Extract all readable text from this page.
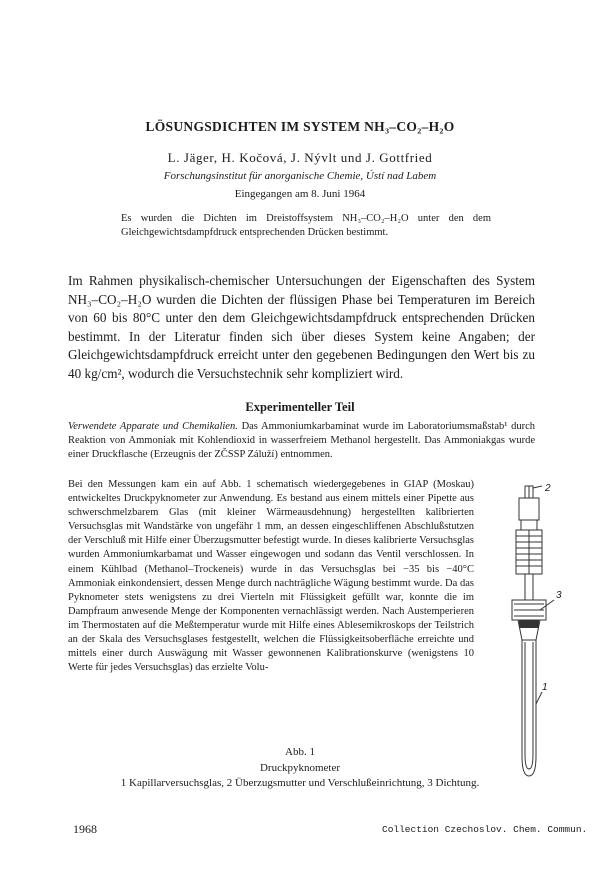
LÖSUNGSDICHTEN IM SYSTEM NH₃–CO₂–H₂O
L. Jäger, H. Kočová, J. Nývlt und J. Gottfried
Forschungsinstitut für anorganische Chemie, Ústí nad Labem
Eingegangen am 8. Juni 1964
Es wurden die Dichten im Dreistoffsystem NH₃–CO₂–H₂O unter den dem Gleichgewichtsdampfdruck entsprechenden Drücken bestimmt.
Im Rahmen physikalisch-chemischer Untersuchungen der Eigenschaften des System NH₃–CO₂–H₂O wurden die Dichten der flüssigen Phase bei Temperaturen im Bereich von 60 bis 80°C unter den dem Gleichgewichtsdampfdruck entsprechenden Drücken bestimmt. In der Literatur finden sich über dieses System keine Angaben; der Gleichgewichtsdampfdruck erreicht unter den gegebenen Bedingungen den Wert bis zu 40 kg/cm², wodurch die Versuchstechnik sehr kompliziert wird.
Experimenteller Teil
Verwendete Apparate und Chemikalien. Das Ammoniumkarbaminat wurde im Laboratoriumsmaßstab¹ durch Reaktion von Ammoniak mit Kohlendioxid in wasserfreiem Methanol hergestellt. Das Ammoniakgas wurde einer Druckflasche (Erzeugnis der ZČSSP Záluží) entnommen.
Bei den Messungen kam ein auf Abb. 1 schematisch wiedergegebenes in GIAP (Moskau) entwickeltes Druckpyknometer zur Anwendung. Es bestand aus einem mittels einer Pipette aus schwerschmelzbarem Glas (mit kleiner Wärmeausdehnung) hergestellten kalibrierten Versuchsglas mit Wandstärke von ungefähr 1 mm, an dessen eingeschliffenen Abschlußstutzen der Verschluß mit Hilfe einer Überzugsmutter befestigt wurde. In dieses kalibrierte Versuchsglas wurden Ammoniumkarbamat und Wasser eingewogen und sodann das Ventil verschlossen. In einem Kühlbad (Methanol–Trockeneis) wurde in das Versuchsglas bei −35 bis −40°C Ammoniak einkondensiert, dessen Menge durch nachträgliche Wägung bestimmt wurde. Da das Pyknometer stets wenigstens zu drei Vierteln mit Flüssigkeit gefüllt war, konnte die im Dampfraum anwesende Menge der Komponenten vernachlässigt werden. Nach Austemperieren im Thermostaten auf die Meßtemperatur wurde mit Hilfe eines Ablesemikroskops der Teilstrich an der Skala des Versuchsglases festgestellt, welchen die Flüssigkeitsoberfläche erreichte und mittels einer durch Auswägung mit Wasser gewonnenen Kalibrationskurve (wenigstens 10 Werte für jedes Versuchsglas) das erzielte Volu-
2
3
1
Abb. 1
Druckpyknometer
1 Kapillarversuchsglas, 2 Überzugsmutter und Verschlußeinrichtung, 3 Dichtung.
1968	Collection Czechoslov. Chem. Commun.
